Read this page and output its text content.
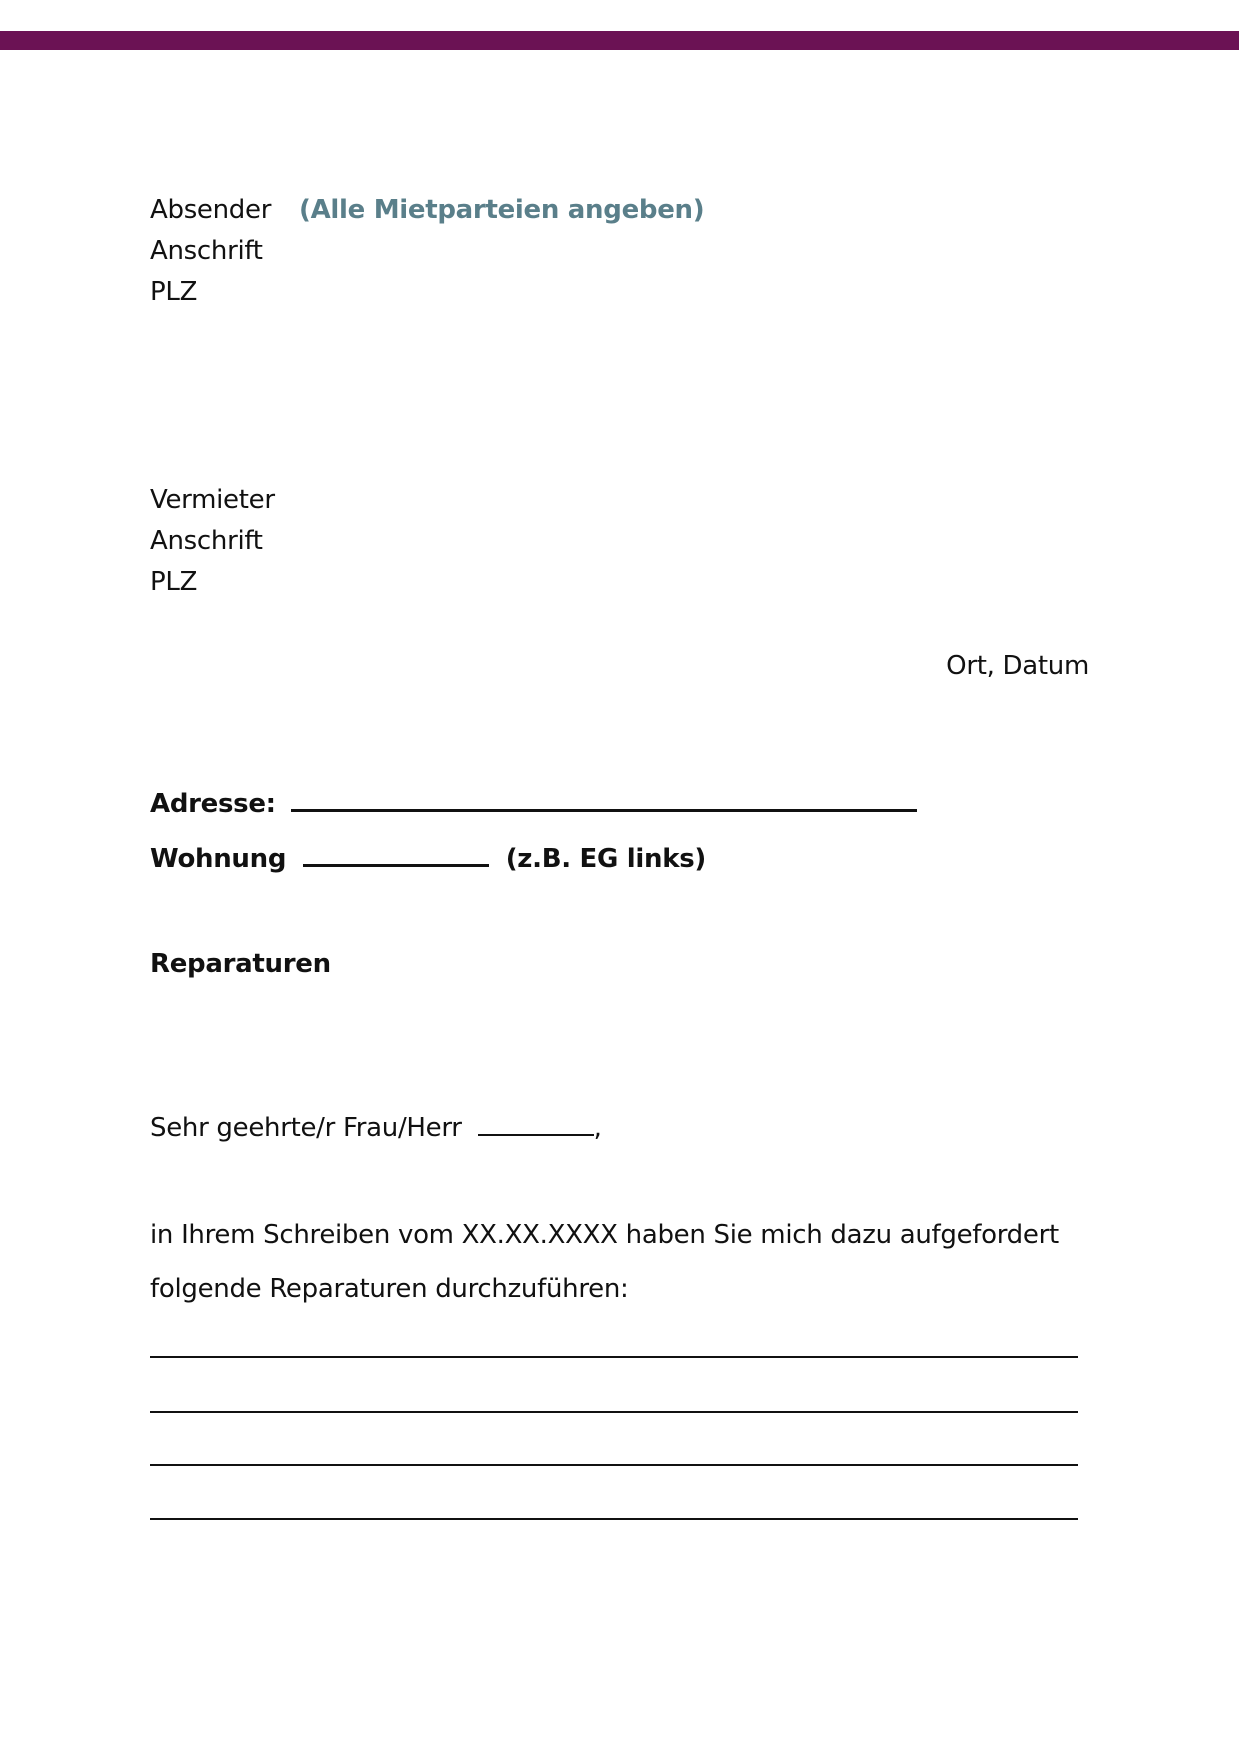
Absender (Alle Mietparteien angeben)
Anschrift
PLZ
Vermieter
Anschrift
PLZ
Ort, Datum
Adresse:
Wohnung	(z.B. EG links)
Reparaturen
Sehr geehrte/r Frau/Herr	,
in Ihrem Schreiben vom XX.XX.XXXX haben Sie mich dazu aufgefordert
folgende Reparaturen durchzuführen:
